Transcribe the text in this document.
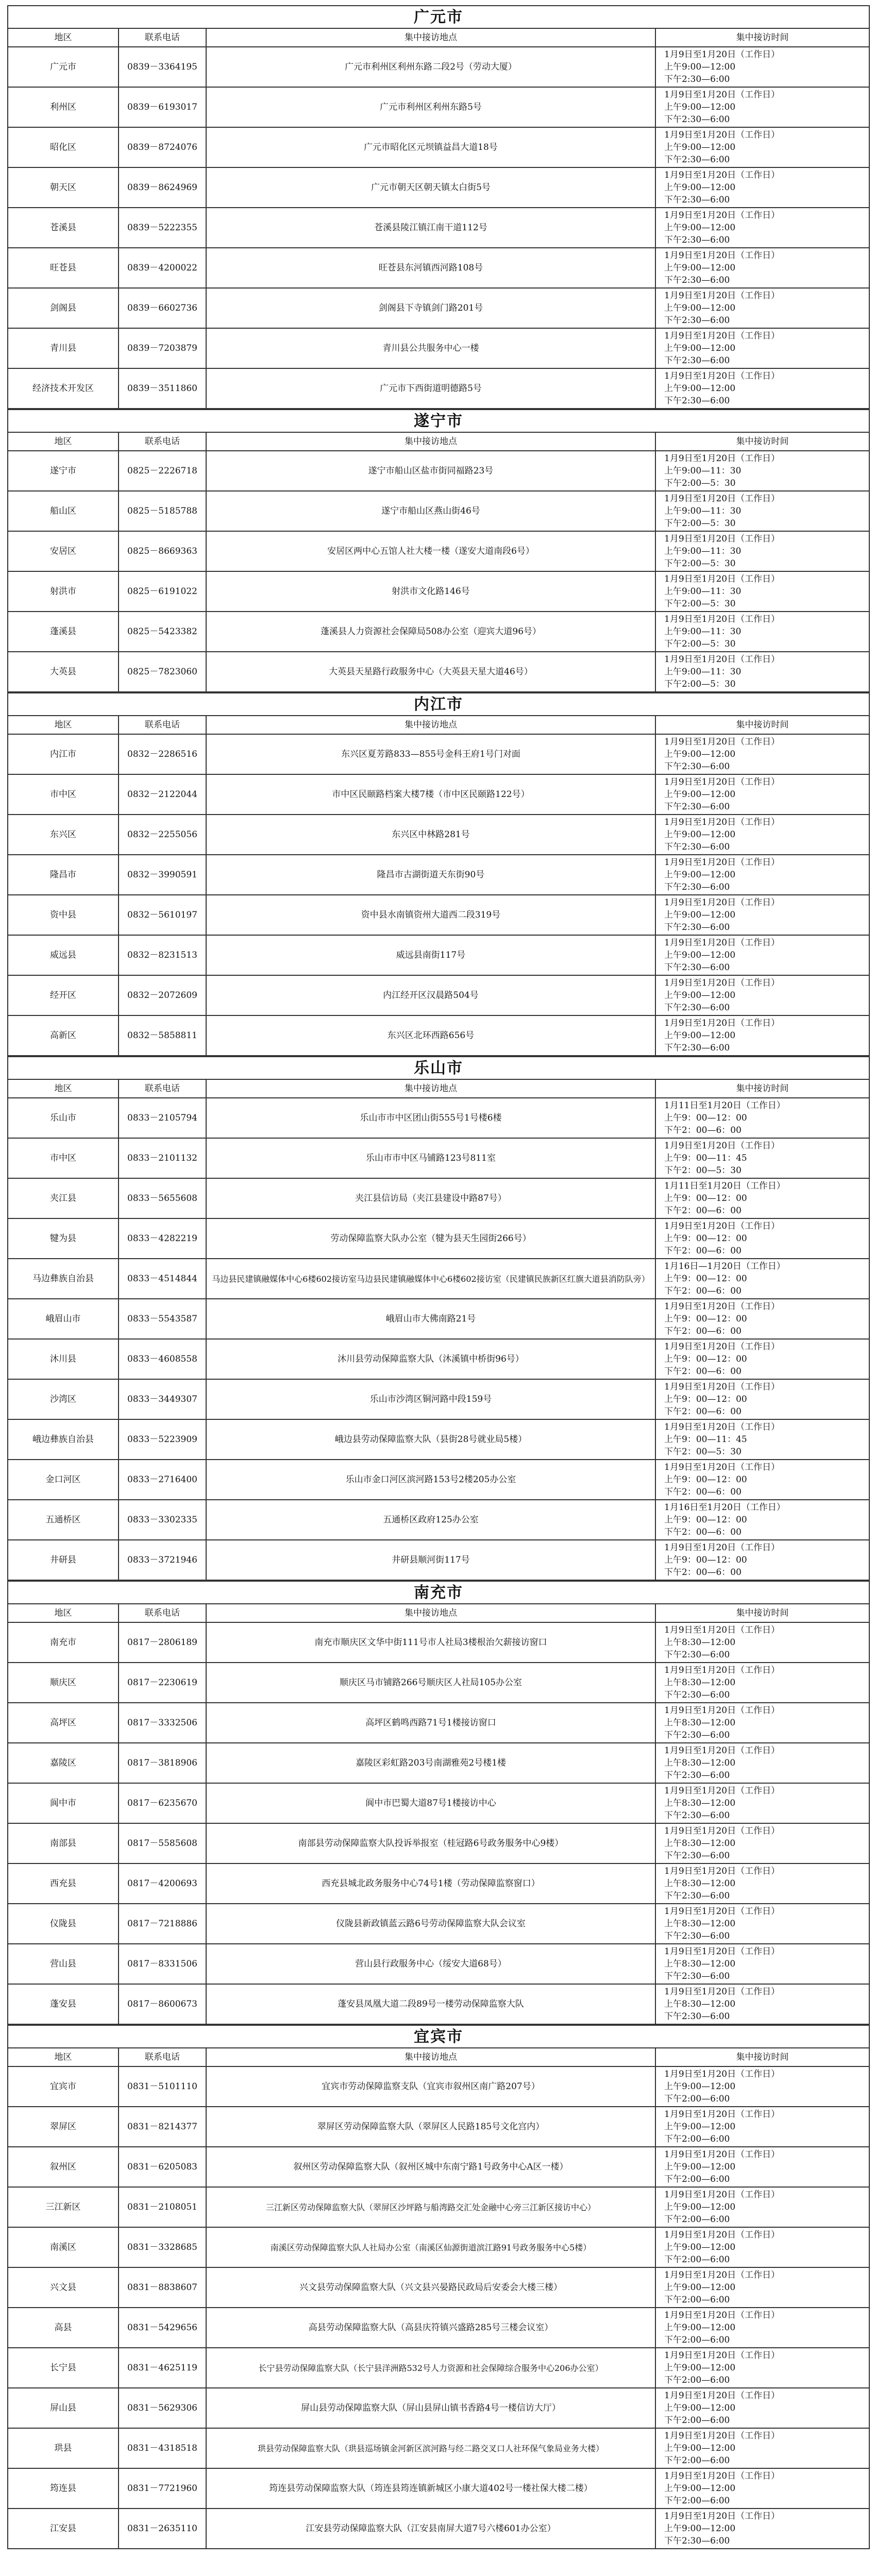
广元市			
地区	联系电话	集中接访地点	集中接访时间
广元市	0839－3364195	广元市利州区利州东路二段2号（劳动大厦）	1月9日至1月20日（工作日）
上午9:00—12:00
下午2:30—6:00

利州区	0839－6193017	广元市利州区利州东路5号	1月9日至1月20日（工作日）
上午9:00—12:00
下午2:30—6:00

昭化区	0839－8724076	广元市昭化区元坝镇益昌大道18号	1月9日至1月20日（工作日）
上午9:00—12:00
下午2:30—6:00

朝天区	0839－8624969	广元市朝天区朝天镇太白街5号	1月9日至1月20日（工作日）
上午9:00—12:00
下午2:30—6:00

苍溪县	0839－5222355	苍溪县陵江镇江南干道112号	1月9日至1月20日（工作日）
上午9:00—12:00
下午2:30—6:00

旺苍县	0839－4200022	旺苍县东河镇西河路108号	1月9日至1月20日（工作日）
上午9:00—12:00
下午2:30—6:00

剑阁县	0839－6602736	剑阁县下寺镇剑门路201号	1月9日至1月20日（工作日）
上午9:00—12:00
下午2:30—6:00

青川县	0839－7203879	青川县公共服务中心一楼	1月9日至1月20日（工作日）
上午9:00—12:00
下午2:30—6:00

经济技术开发区	0839－3511860	广元市下西街道明德路5号	1月9日至1月20日（工作日）
上午9:00—12:00
下午2:30—6:00
遂宁市			
地区	联系电话	集中接访地点	集中接访时间
遂宁市	0825－2226718	遂宁市船山区盐市街同福路23号	1月9日至1月20日（工作日）
上午9:00—11：30
下午2:00—5：30

船山区	0825－5185788	遂宁市船山区燕山街46号	1月9日至1月20日（工作日）
上午9:00—11：30
下午2:00—5：30

安居区	0825－8669363	安居区两中心五馆人社大楼一楼（遂安大道南段6号）	1月9日至1月20日（工作日）
上午9:00—11：30
下午2:00—5：30

射洪市	0825－6191022	射洪市文化路146号	1月9日至1月20日（工作日）
上午9:00—11：30
下午2:00—5：30

蓬溪县	0825－5423382	蓬溪县人力资源社会保障局508办公室（迎宾大道96号）	1月9日至1月20日（工作日）
上午9:00—11：30
下午2:00—5：30

大英县	0825－7823060	大英县天星路行政服务中心（大英县天星大道46号）	1月9日至1月20日（工作日）
上午9:00—11：30
下午2:00—5：30
内江市			
地区	联系电话	集中接访地点	集中接访时间
内江市	0832－2286516	东兴区夏芳路833—855号金科王府1号门对面	1月9日至1月20日（工作日）
上午9:00—12:00
下午2:30—6:00

市中区	0832－2122044	市中区民颐路档案大楼7楼（市中区民颐路122号）	1月9日至1月20日（工作日）
上午9:00—12:00
下午2:30—6:00

东兴区	0832－2255056	东兴区中林路281号	1月9日至1月20日（工作日）
上午9:00—12:00
下午2:30—6:00

隆昌市	0832－3990591	隆昌市古湖街道天东街90号	1月9日至1月20日（工作日）
上午9:00—12:00
下午2:30—6:00

资中县	0832－5610197	资中县水南镇资州大道西二段319号	1月9日至1月20日（工作日）
上午9:00—12:00
下午2:30—6:00

威远县	0832－8231513	威远县南街117号	1月9日至1月20日（工作日）
上午9:00—12:00
下午2:30—6:00

经开区	0832－2072609	内江经开区汉晨路504号	1月9日至1月20日（工作日）
上午9:00—12:00
下午2:30—6:00

高新区	0832－5858811	东兴区北环西路656号	1月9日至1月20日（工作日）
上午9:00—12:00
下午2:30—6:00
乐山市			
地区	联系电话	集中接访地点	集中接访时间
乐山市	0833－2105794	乐山市市中区团山街555号1号楼6楼	1月11日至1月20日（工作日）
上午9：00—12：00
下午2：00—6：00

市中区	0833－2101132	乐山市市中区马铺路123号811室	1月9日至1月20日（工作日）
上午9：00—11：45
下午2：00—5：30

夹江县	0833－5655608	夹江县信访局（夹江县建设中路87号）	1月11日至1月20日（工作日）
上午9：00—12：00
下午2：00—6：00

犍为县	0833－4282219	劳动保障监察大队办公室（犍为县天生园街266号）	1月9日至1月20日（工作日）
上午9：00—12：00
下午2：00—6：00

马边彝族自治县	0833－4514844	马边县民建镇融媒体中心6楼602接访室马边县民建镇融媒体中心6楼602接访室（民建镇民族新区红旗大道县消防队旁）	1月16日—1月20日（工作日）
上午9：00—12：00
下午2：00—6：00

峨眉山市	0833－5543587	峨眉山市大佛南路21号	1月9日至1月20日（工作日）
上午9：00—12：00
下午2：00—6：00

沐川县	0833－4608558	沐川县劳动保障监察大队（沐溪镇中桥街96号）	1月9日至1月20日（工作日）
上午9：00—12：00
下午2：00—6：00

沙湾区	0833－3449307	乐山市沙湾区铜河路中段159号	1月9日至1月20日（工作日）
上午9：00—12：00
下午2：00—6：00

峨边彝族自治县	0833－5223909	峨边县劳动保障监察大队（县街28号就业局5楼）	1月9日至1月20日（工作日）
上午9：00—11：45
下午2：00—5：30

金口河区	0833－2716400	乐山市金口河区滨河路153号2楼205办公室	1月9日至1月20日（工作日）
上午9：00—12：00
下午2：00—6：00

五通桥区	0833－3302335	五通桥区政府125办公室	1月16日至1月20日（工作日）
上午9：00—12：00
下午2：00—6：00

井研县	0833－3721946	井研县顺河街117号	1月9日至1月20日（工作日）
上午9：00—12：00
下午2：00—6：00
南充市			
地区	联系电话	集中接访地点	集中接访时间
南充市	0817－2806189	南充市顺庆区文华中街111号市人社局3楼根治欠薪接访窗口	1月9日至1月20日（工作日）
上午8:30—12:00
下午2:30—6:00

顺庆区	0817－2230619	顺庆区马市铺路266号顺庆区人社局105办公室	1月9日至1月20日（工作日）
上午8:30—12:00
下午2:30—6:00

高坪区	0817－3332506	高坪区鹤鸣西路71号1楼接访窗口	1月9日至1月20日（工作日）
上午8:30—12:00
下午2:30—6:00

嘉陵区	0817－3818906	嘉陵区彩虹路203号南湖雅苑2号楼1楼	1月9日至1月20日（工作日）
上午8:30—12:00
下午2:30—6:00

阆中市	0817－6235670	阆中市巴蜀大道87号1楼接访中心	1月9日至1月20日（工作日）
上午8:30—12:00
下午2:30—6:00

南部县	0817－5585608	南部县劳动保障监察大队投诉举报室（桂冠路6号政务服务中心9楼）	1月9日至1月20日（工作日）
上午8:30—12:00
下午2:30—6:00

西充县	0817－4200693	西充县城北政务服务中心74号1楼（劳动保障监察窗口）	1月9日至1月20日（工作日）
上午8:30—12:00
下午2:30—6:00

仪陇县	0817－7218886	仪陇县新政镇蓝云路6号劳动保障监察大队会议室	1月9日至1月20日（工作日）
上午8:30—12:00
下午2:30—6:00

营山县	0817－8331506	营山县行政服务中心（绥安大道68号）	1月9日至1月20日（工作日）
上午8:30—12:00
下午2:30—6:00

蓬安县	0817－8600673	蓬安县凤凰大道二段89号一楼劳动保障监察大队	1月9日至1月20日（工作日）
上午8:30—12:00
下午2:30—6:00
宜宾市			
地区	联系电话	集中接访地点	集中接访时间
宜宾市	0831－5101110	宜宾市劳动保障监察支队（宜宾市叙州区南广路207号）	1月9日至1月20日（工作日）
上午9:00—12:00
下午2:00—6:00

翠屏区	0831－8214377	翠屏区劳动保障监察大队（翠屏区人民路185号文化宫内）	1月9日至1月20日（工作日）
上午9:00—12:00
下午2:00—6:00

叙州区	0831－6205083	叙州区劳动保障监察大队（叙州区城中东南宁路1号政务中心A区一楼）	1月9日至1月20日（工作日）
上午9:00—12:00
下午2:00—6:00

三江新区	0831－2108051	三江新区劳动保障监察大队（翠屏区沙坪路与船湾路交汇处金融中心旁三江新区接访中心）	1月9日至1月20日（工作日）
上午9:00—12:00
下午2:00—6:00

南溪区	0831－3328685	南溪区劳动保障监察大队人社局办公室（南溪区仙源街道滨江路91号政务服务中心5楼）	1月9日至1月20日（工作日）
上午9:00—12:00
下午2:00—6:00

兴文县	0831－8838607	兴文县劳动保障监察大队（兴文县兴晏路民政局后安委会大楼三楼）	1月9日至1月20日（工作日）
上午9:00—12:00
下午2:00—6:00

高县	0831－5429656	高县劳动保障监察大队（高县庆符镇兴盛路285号三楼会议室）	1月9日至1月20日（工作日）
上午9:00—12:00
下午2:00—6:00

长宁县	0831－4625119	长宁县劳动保障监察大队（长宁县洋洲路532号人力资源和社会保障综合服务中心206办公室）	1月9日至1月20日（工作日）
上午9:00—12:00
下午2:00—6:00

屏山县	0831－5629306	屏山县劳动保障监察大队（屏山县屏山镇书香路4号一楼信访大厅）	1月9日至1月20日（工作日）
上午9:00—12:00
下午2:00—6:00

珙县	0831－4318518	珙县劳动保障监察大队（珙县巡场镇金河新区滨河路与经二路交叉口人社环保气象局业务大楼）	1月9日至1月20日（工作日）
上午9:00—12:00
下午2:00—6:00

筠连县	0831－7721960	筠连县劳动保障监察大队（筠连县筠连镇新城区小康大道402号一楼社保大楼二楼）	1月9日至1月20日（工作日）
上午9:00—12:00
下午2:00—6:00

江安县	0831－2635110	江安县劳动保障监察大队（江安县南屏大道7号六楼601办公室）	1月9日至1月20日（工作日）
上午9:00—12:00
下午2:30—6:00
